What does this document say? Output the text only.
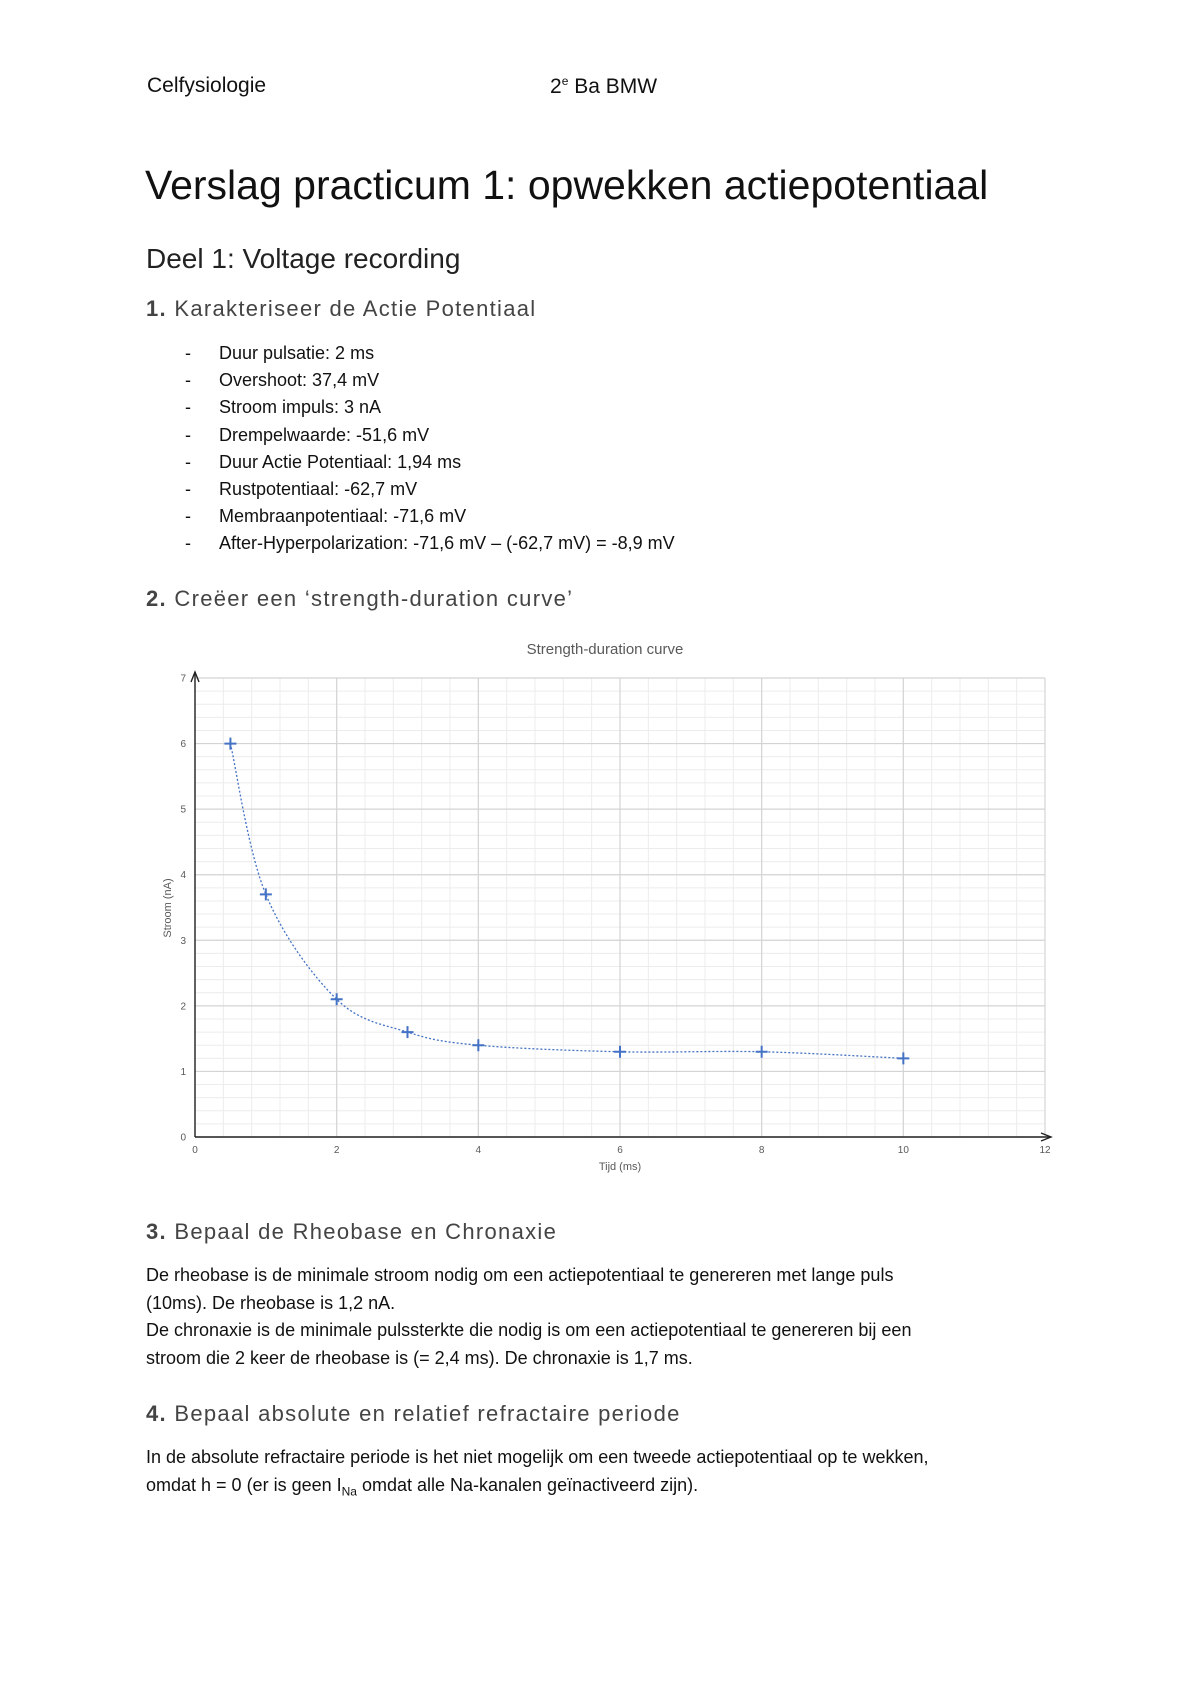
Celfysiologie	2e Ba BMW
Verslag practicum 1: opwekken actiepotentiaal
Deel 1: Voltage recording
1. Karakteriseer de Actie Potentiaal
- Duur pulsatie: 2 ms
- Overshoot: 37,4 mV
- Stroom impuls: 3 nA
- Drempelwaarde: -51,6 mV
- Duur Actie Potentiaal: 1,94 ms
- Rustpotentiaal: -62,7 mV
- Membraanpotentiaal: -71,6 mV
- After-Hyperpolarization: -71,6 mV – (-62,7 mV) = -8,9 mV
2. Creëer een ‘strength-duration curve’
Strength-duration curve
0	2	4	6	8	10	12
0
1
2
3
4
5
6
7
Tijd (ms)
Stroom (nA)
3. Bepaal de Rheobase en Chronaxie
De rheobase is de minimale stroom nodig om een actiepotentiaal te genereren met lange puls
(10ms). De rheobase is 1,2 nA.
De chronaxie is de minimale pulssterkte die nodig is om een actiepotentiaal te genereren bij een
stroom die 2 keer de rheobase is (= 2,4 ms). De chronaxie is 1,7 ms.
4. Bepaal absolute en relatief refractaire periode
In de absolute refractaire periode is het niet mogelijk om een tweede actiepotentiaal op te wekken,
omdat h = 0 (er is geen $I_{Na}$ omdat alle Na-kanalen geïnactiveerd zijn).
